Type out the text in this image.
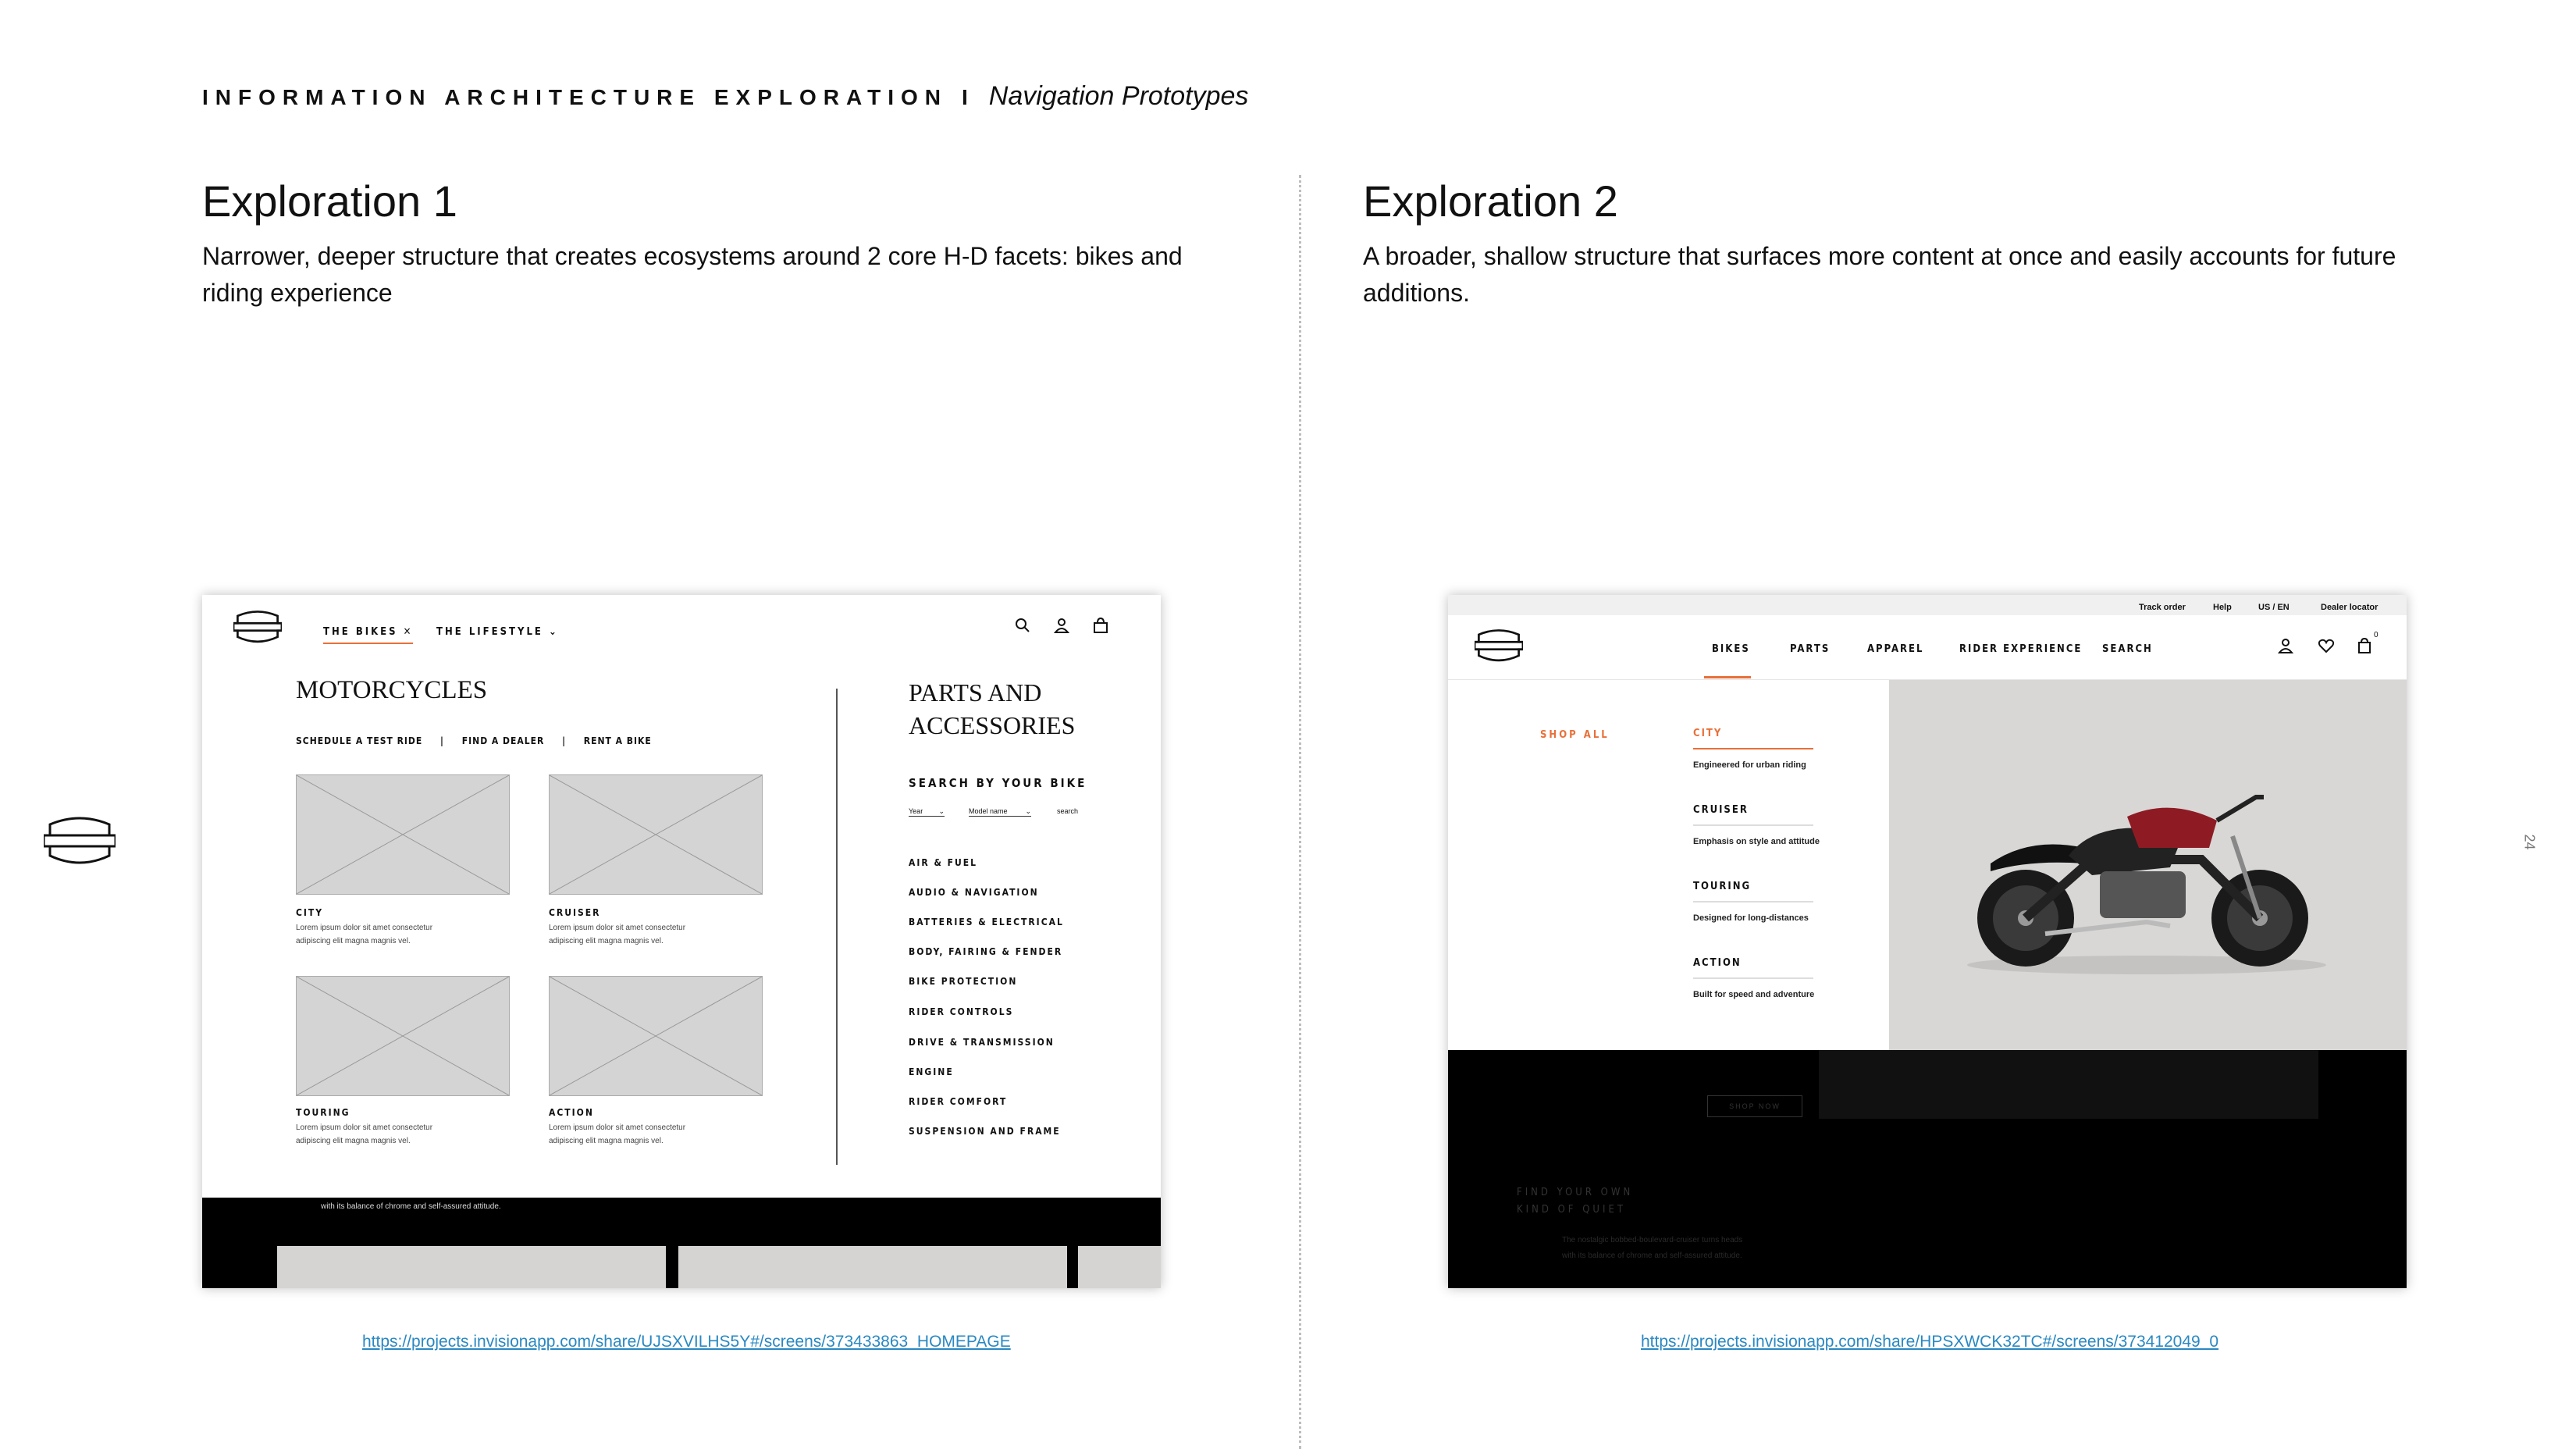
INFORMATION ARCHITECTURE EXPLORATION I Navigation Prototypes
Exploration 1
Narrower, deeper structure that creates ecosystems around 2 core H-D facets: bikes and riding experience
Exploration 2
A broader, shallow structure that surfaces more content at once and easily accounts for future additions.
24
THE BIKES ✕ THE LIFESTYLE ⌄
MOTORCYCLES
SCHEDULE A TEST RIDE | FIND A DEALER | RENT A BIKE
CITY
Lorem ipsum dolor sit amet consectetur
adipiscing elit magna magnis vel.
CRUISER
Lorem ipsum dolor sit amet consectetur
adipiscing elit magna magnis vel.
TOURING
Lorem ipsum dolor sit amet consectetur
adipiscing elit magna magnis vel.
ACTION
Lorem ipsum dolor sit amet consectetur
adipiscing elit magna magnis vel.
PARTS AND
ACCESSORIES
SEARCH BY YOUR BIKE
Year ⌄	Model name	⌄	search
AIR & FUEL
AUDIO & NAVIGATION
BATTERIES & ELECTRICAL
BODY, FAIRING & FENDER
BIKE PROTECTION
RIDER CONTROLS
DRIVE & TRANSMISSION
ENGINE
RIDER COMFORT
SUSPENSION AND FRAME
with its balance of chrome and self-assured attitude.
https://projects.invisionapp.com/share/UJSXVILHS5Y#/screens/373433863_HOMEPAGE
Track order	Help	US / EN	Dealer locator
BIKES	PARTS	APPAREL	RIDER EXPERIENCE SEARCH
0
SHOP ALL	CITY
Engineered for urban riding
CRUISER
Emphasis on style and attitude
TOURING
Designed for long-distances
ACTION
Built for speed and adventure
SHOP NOW
FIND YOUR OWN
KIND OF QUIET
The nostalgic bobbed-boulevard-cruiser turns heads
with its balance of chrome and self-assured attitude.
https://projects.invisionapp.com/share/HPSXWCK32TC#/screens/373412049_0
